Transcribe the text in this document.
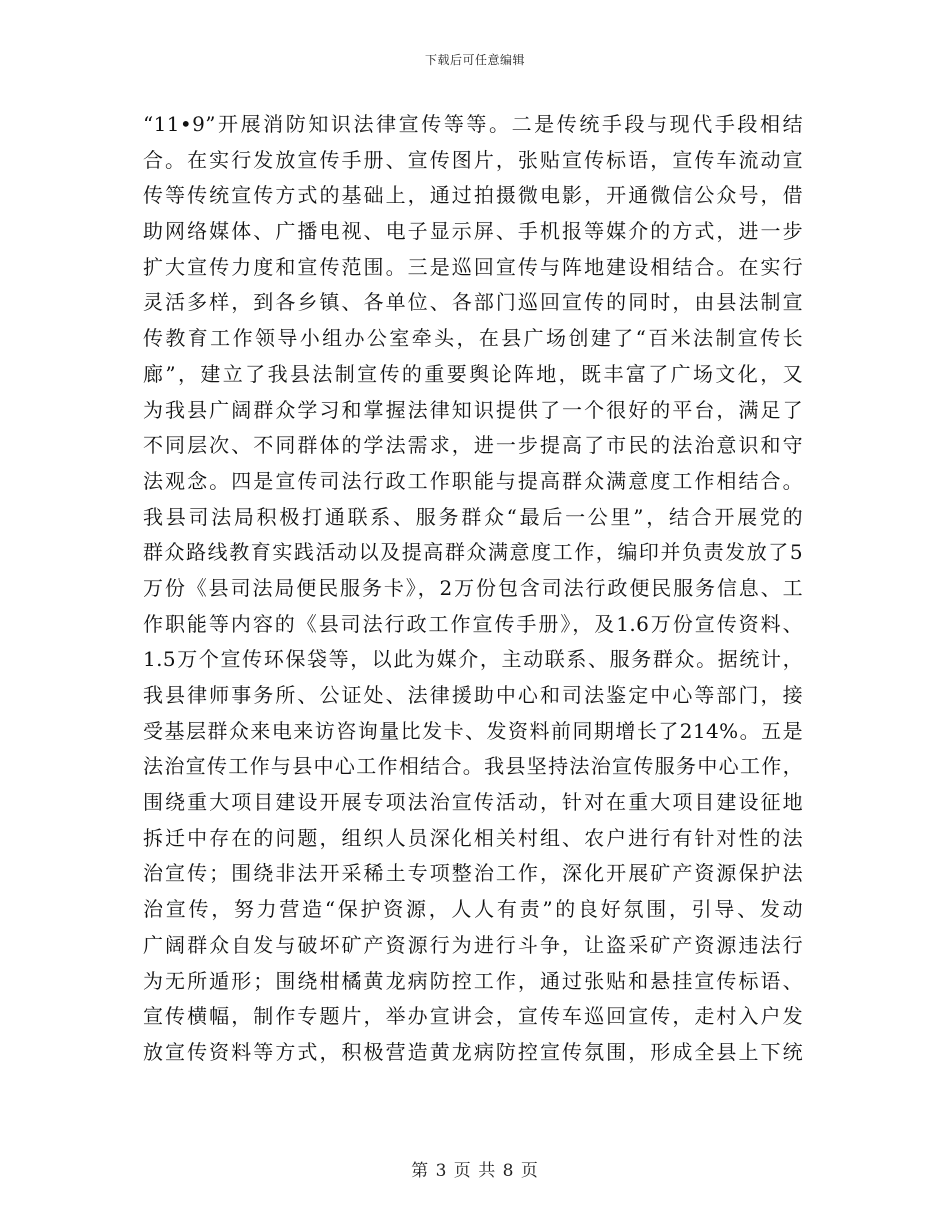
下载后可任意编辑
“11•9”开展消防知识法律宣传等等。二是传统手段与现代手段相结
合。在实行发放宣传手册、宣传图片，张贴宣传标语，宣传车流动宣
传等传统宣传方式的基础上，通过拍摄微电影，开通微信公众号，借
助网络媒体、广播电视、电子显示屏、手机报等媒介的方式，进一步
扩大宣传力度和宣传范围。三是巡回宣传与阵地建设相结合。在实行
灵活多样，到各乡镇、各单位、各部门巡回宣传的同时，由县法制宣
传教育工作领导小组办公室牵头，在县广场创建了“百米法制宣传长
廊”，建立了我县法制宣传的重要舆论阵地，既丰富了广场文化，又
为我县广阔群众学习和掌握法律知识提供了一个很好的平台，满足了
不同层次、不同群体的学法需求，进一步提高了市民的法治意识和守
法观念。四是宣传司法行政工作职能与提高群众满意度工作相结合。
我县司法局积极打通联系、服务群众“最后一公里”，结合开展党的
群众路线教育实践活动以及提高群众满意度工作，编印并负责发放了5
万份《县司法局便民服务卡》，2万份包含司法行政便民服务信息、工
作职能等内容的《县司法行政工作宣传手册》，及1.6万份宣传资料、
1.5万个宣传环保袋等，以此为媒介，主动联系、服务群众。据统计，
我县律师事务所、公证处、法律援助中心和司法鉴定中心等部门，接
受基层群众来电来访咨询量比发卡、发资料前同期增长了214%。五是
法治宣传工作与县中心工作相结合。我县坚持法治宣传服务中心工作，
围绕重大项目建设开展专项法治宣传活动，针对在重大项目建设征地
拆迁中存在的问题，组织人员深化相关村组、农户进行有针对性的法
治宣传；围绕非法开采稀土专项整治工作，深化开展矿产资源保护法
治宣传，努力营造“保护资源，人人有责”的良好氛围，引导、发动
广阔群众自发与破坏矿产资源行为进行斗争，让盗采矿产资源违法行
为无所遁形；围绕柑橘黄龙病防控工作，通过张贴和悬挂宣传标语、
宣传横幅，制作专题片，举办宣讲会，宣传车巡回宣传，走村入户发
放宣传资料等方式，积极营造黄龙病防控宣传氛围，形成全县上下统
第 3 页 共 8 页
